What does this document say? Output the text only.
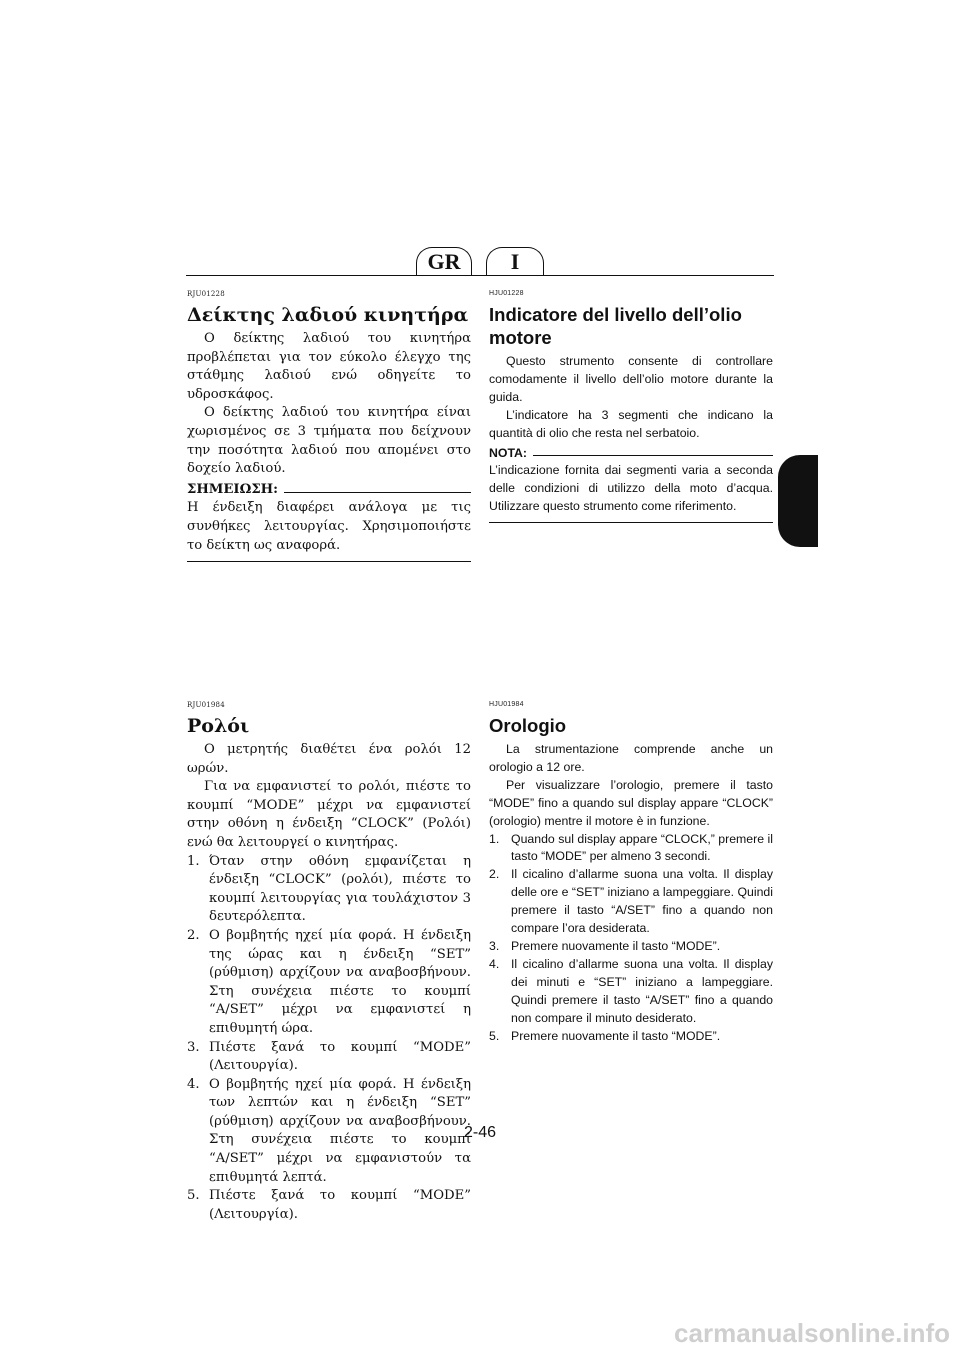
GR	I
RJU01228
Δείκτης λαδιού κινητήρα

Ο δείκτης λαδιού του κινητήρα προβλέπεται για τον εύκολο έλεγχο της στάθμης λαδιού ενώ οδηγείτε το υδροσκάφος.

Ο δείκτης λαδιού του κινητήρα είναι χωρισμένος σε 3 τμήματα που δείχνουν την ποσότητα λαδιού που απομένει στο δοχείο λαδιού.

ΣΗΜΕΙΩΣΗ:

Η ένδειξη διαφέρει ανάλογα με τις συνθήκες λειτουργίας. Χρησιμοποιήστε το δείκτη ως αναφορά.

HJU01228
Indicatore del livello dell’olio motore

Questo strumento consente di controllare comodamente il livello dell’olio motore durante la guida.

L’indicatore ha 3 segmenti che indicano la quantità di olio che resta nel serbatoio.

NOTA:

L’indicazione fornita dai segmenti varia a seconda delle condizioni di utilizzo della moto d’acqua. Utilizzare questo strumento come riferimento.

RJU01984
Ρολόι

Ο μετρητής διαθέτει ένα ρολόι 12 ωρών.

Για να εμφανιστεί το ρολόι, πιέστε το κουμπί “MODE” μέχρι να εμφανιστεί στην οθόνη η ένδειξη “CLOCK” (Ρολόι) ενώ θα λειτουργεί ο κινητήρας.

1. Όταν στην οθόνη εμφανίζεται η ένδειξη “CLOCK” (ρολόι), πιέστε το κουμπί λειτουργίας για τουλάχιστον 3 δευτερόλεπτα.
2. Ο βομβητής ηχεί μία φορά. Η ένδειξη της ώρας και η ένδειξη “SET” (ρύθμιση) αρχίζουν να αναβοσβήνουν. Στη συνέχεια πιέστε το κουμπί “A/SET” μέχρι να εμφανιστεί η επιθυμητή ώρα.
3. Πιέστε ξανά το κουμπί “MODE” (Λειτουργία).
4. Ο βομβητής ηχεί μία φορά. Η ένδειξη των λεπτών και η ένδειξη “SET” (ρύθμιση) αρχίζουν να αναβοσβήνουν. Στη συνέχεια πιέστε το κουμπί “A/SET” μέχρι να εμφανιστούν τα επιθυμητά λεπτά.
5. Πιέστε ξανά το κουμπί “MODE” (Λειτουργία).
HJU01984
Orologio

La strumentazione comprende anche un orologio a 12 ore.

Per visualizzare l’orologio, premere il tasto “MODE” fino a quando sul display appare “CLOCK” (orologio) mentre il motore è in funzione.

1. Quando sul display appare “CLOCK,” premere il tasto “MODE” per almeno 3 secondi.
2. Il cicalino d’allarme suona una volta. Il display delle ore e “SET” iniziano a lampeggiare. Quindi premere il tasto “A/SET” fino a quando non compare l’ora desiderata.
3. Premere nuovamente il tasto “MODE”.
4. Il cicalino d’allarme suona una volta. Il display dei minuti e “SET” iniziano a lampeggiare. Quindi premere il tasto “A/SET” fino a quando non compare il minuto desiderato.
5. Premere nuovamente il tasto “MODE”.
2-46
carmanualsonline.info
